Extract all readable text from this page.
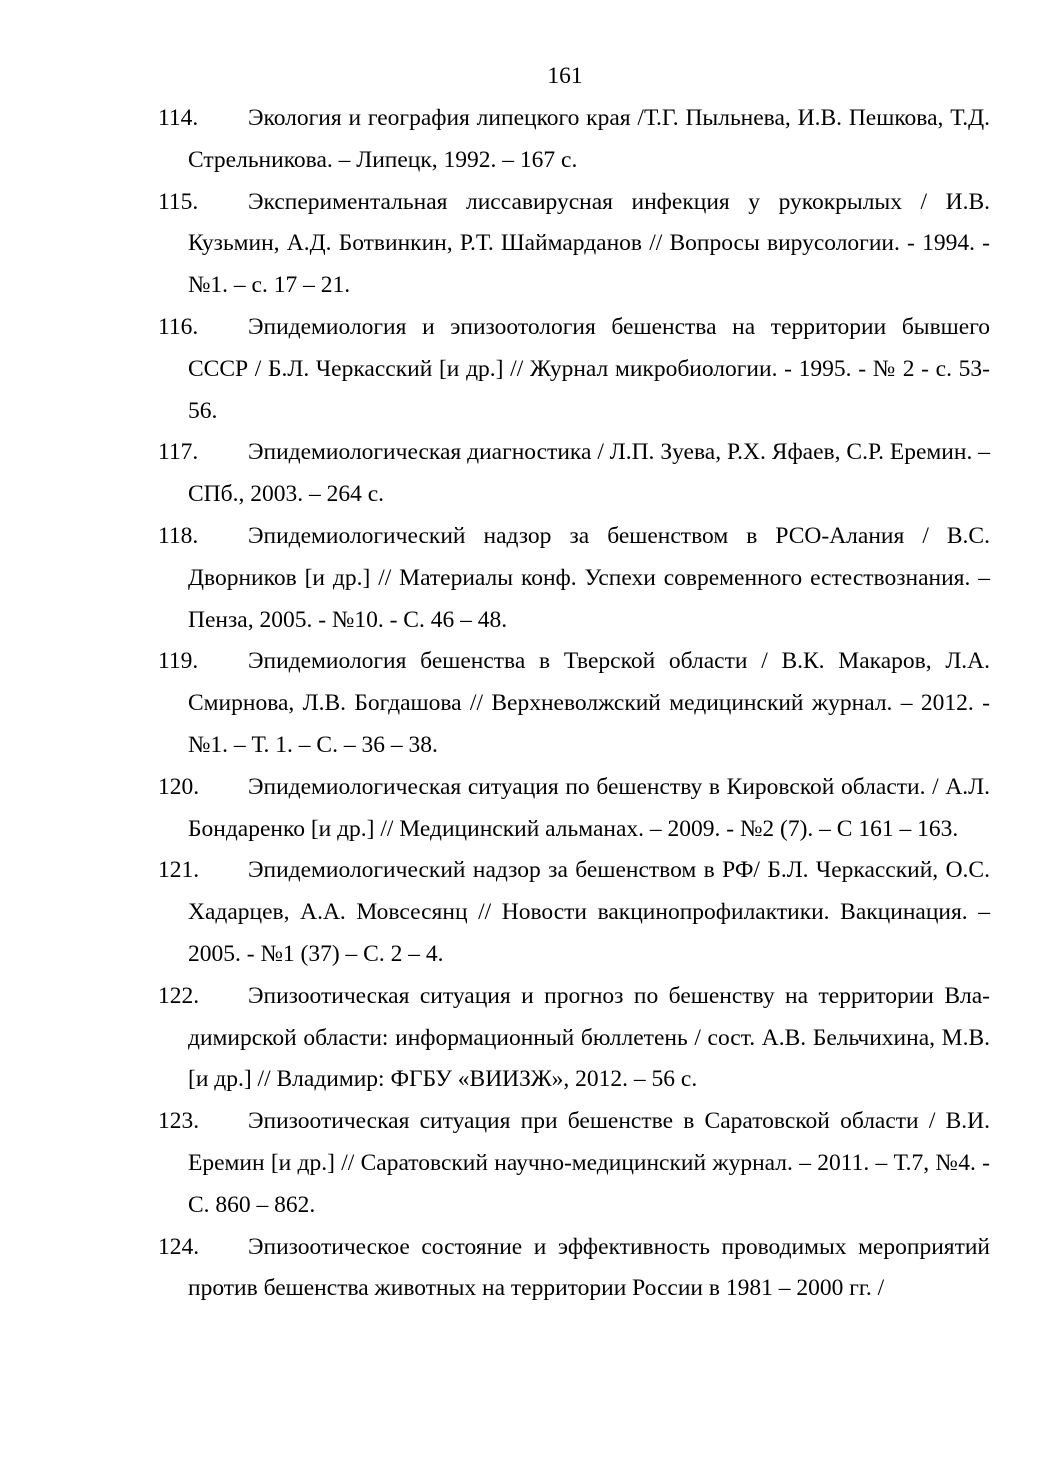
161
114.	Экология и география липецкого края /Т.Г. Пыльнева, И.В. Пешкова, Т.Д. Стрельникова. – Липецк, 1992. – 167 с.
115.	Экспериментальная лиссавирусная инфекция у рукокрылых / И.В. Кузьмин, А.Д. Ботвинкин, Р.Т. Шаймарданов // Вопросы вирусологии. - 1994. - №1. – с. 17 – 21.
116.	Эпидемиология и эпизоотология бешенства на территории бывшего СССР / Б.Л. Черкасский [и др.] // Журнал микробиологии. - 1995. - № 2 - с. 53-56.
117.	Эпидемиологическая диагностика / Л.П. Зуева, Р.Х. Яфаев, С.Р. Еремин. – СПб., 2003. – 264 с.
118.	Эпидемиологический надзор за бешенством в РСО-Алания / B.C. Дворников [и др.] // Материалы конф. Успехи современного естествознания. – Пенза, 2005. - №10. - С. 46 – 48.
119.	Эпидемиология бешенства в Тверской области / В.К. Макаров, Л.А. Смирнова, Л.В. Богдашова // Верхневолжский медицинский журнал. – 2012. - №1. – Т. 1. – С. – 36 – 38.
120.	Эпидемиологическая ситуация по бешенству в Кировской области. / А.Л. Бондаренко [и др.] // Медицинский альманах. – 2009. - №2 (7). – С 161 – 163.
121.	Эпидемиологический надзор за бешенством в РФ/ Б.Л. Черкасский, О.С. Хадарцев, А.А. Мовсесянц // Новости вакцинопрофилактики. Вакцинация. – 2005. - №1 (37) – С. 2 – 4.
122.	Эпизоотическая ситуация и прогноз по бешенству на территории Владимирской области: информационный бюллетень / сост. А.В. Бельчихина, М.В. [и др.] // Владимир: ФГБУ «ВИИЗЖ», 2012. – 56 с.
123.	Эпизоотическая ситуация при бешенстве в Саратовской области / В.И. Еремин [и др.] // Саратовский научно-медицинский журнал. – 2011. – Т.7, №4. - С. 860 – 862.
124.	Эпизоотическое состояние и эффективность проводимых мероприятий против бешенства животных на территории России в 1981 – 2000 гг. /
